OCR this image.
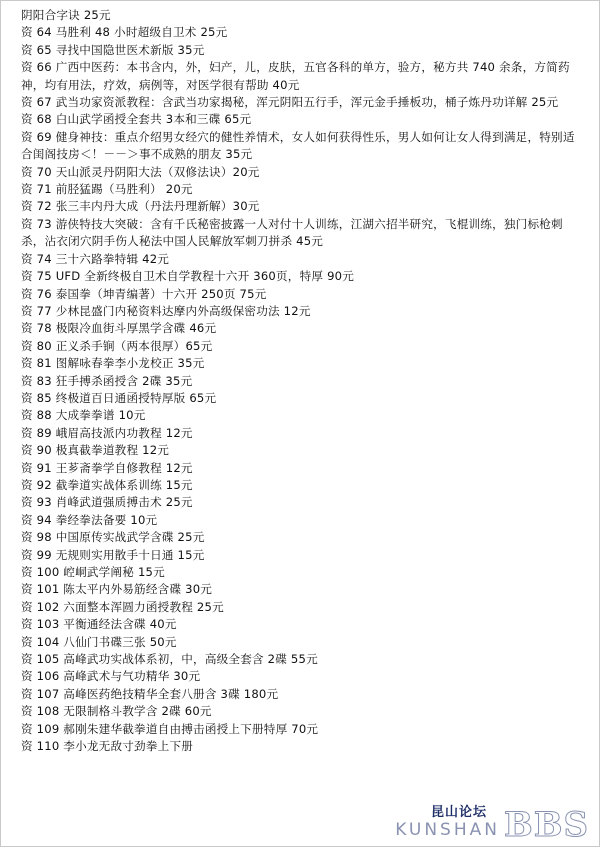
阴阳合字诀 25元
资 64 马胜利 48 小时超级自卫术 25元
资 65 寻找中国隐世医术新版 35元
资 66 广西中医药：本书含内，外，妇产，儿，皮肤，五官各科的单方，验方，秘方共 740 余条，方简药神，均有用法，疗效，病例等，对医学很有帮助 40元
资 67 武当功家资派教程：含武当功家揭秘，浑元阴阳五行手，浑元金手捶板功，桶子炼丹功详解 25元
资 68 白山武学函授全套共 3本和三碟 65元
资 69 健身神技：重点介绍男女经穴的健性养情术，女人如何获得性乐，男人如何让女人得到满足，特别适合闺阁技房＜！－－＞事不成熟的朋友 35元
资 70 天山派灵丹阴阳大法（双修法诀）20元
资 71 前胫猛踢（马胜利） 20元
资 72 张三丰内丹大成（丹法丹理新解）30元
资 73 游侠特技大突破：含有千氏秘密披露一人对付十人训练，江湖六招半研究，飞棍训练，独门标枪刺杀，沾衣闭穴阴手伤人秘法中国人民解放军刺刀拼杀 45元
资 74 三十六路拳特辑 42元
资 75 UFD 全新终极自卫术自学教程十六开 360页，特厚 90元
资 76 泰国拳（坤青编著）十六开 250页 75元
资 77 少林昆盛门内秘资料达摩内外高级保密功法 12元
资 78 极限冷血街斗厚黑学含碟 46元
资 80 正义杀手锏（两本很厚）65元
资 81 图解咏春拳李小龙校正 35元
资 83 狂手搏杀函授含 2碟 35元
资 85 终极道百日通函授特厚版 65元
资 88 大成拳拳谱 10元
资 89 峨眉高技派内功教程 12元
资 90 极真截拳道教程 12元
资 91 王芗斋拳学自修教程 12元
资 92 截拳道实战体系训练 15元
资 93 肖峰武道强质搏击术 25元
资 94 拳经拳法备要 10元
资 98 中国原传实战武学含碟 25元
资 99 无规则实用散手十日通 15元
资 100 崆峒武学阐秘 15元
资 101 陈太平内外易筋经含碟 30元
资 102 六面整本浑圆力函授教程 25元
资 103 平衡通经法含碟 40元
资 104 八仙门书碟三张 50元
资 105 高峰武功实战体系初，中，高级全套含 2碟 55元
资 106 高峰武术与气功精华 30元
资 107 高峰医药绝技精华全套八册含 3碟 180元
资 108 无限制格斗教学含 2碟 60元
资 109 郝刚朱建华截拳道自由搏击函授上下册特厚 70元
资 110 李小龙无敌寸劲拳上下册
昆山论坛
KUNSHAN BBS
